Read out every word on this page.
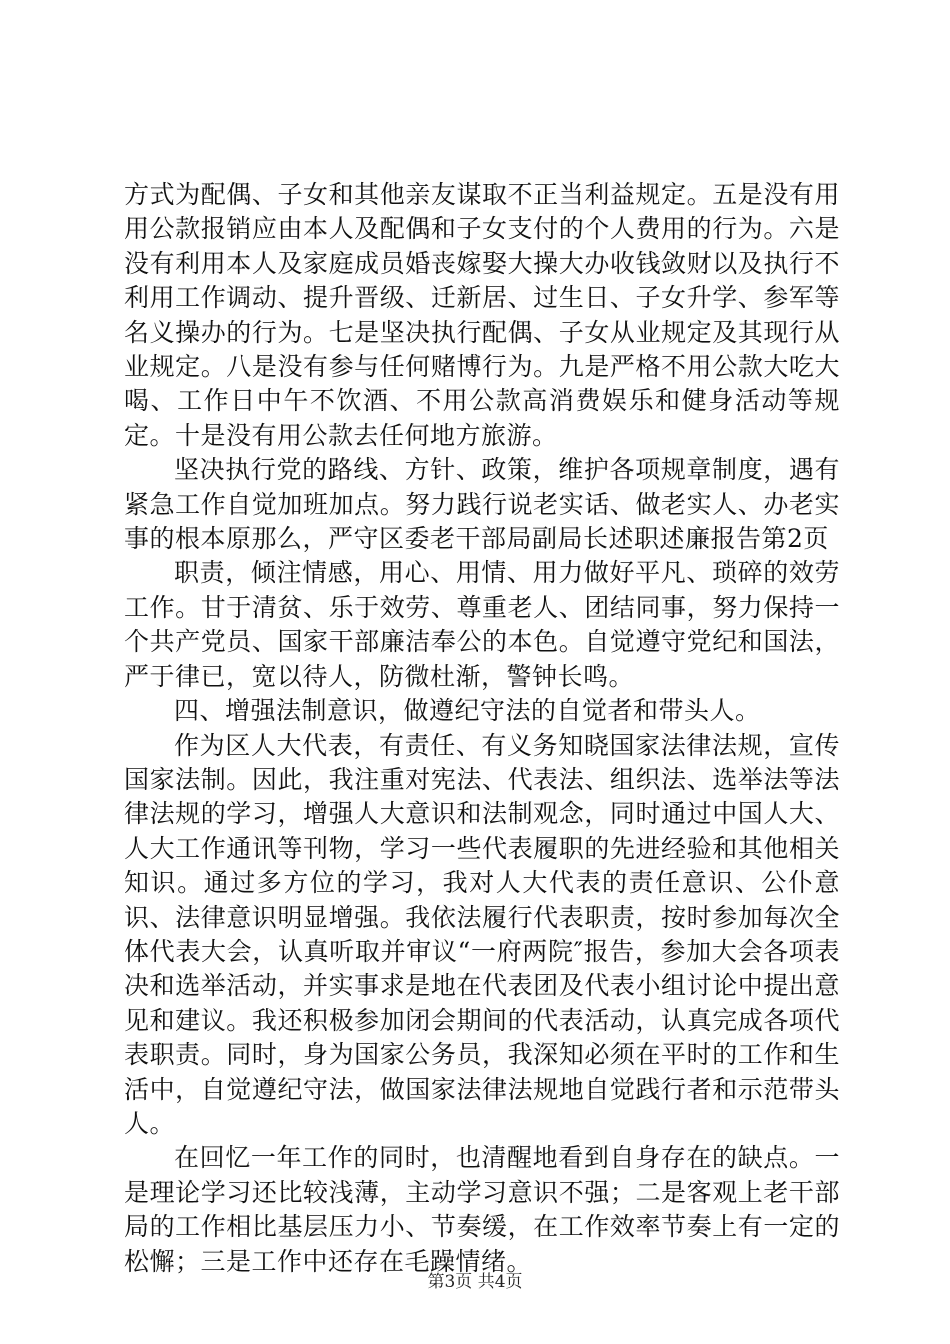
方式为配偶、子女和其他亲友谋取不正当利益规定。五是没有用用公款报销应由本人及配偶和子女支付的个人费用的行为。六是没有利用本人及家庭成员婚丧嫁娶大操大办收钱敛财以及执行不利用工作调动、提升晋级、迁新居、过生日、子女升学、参军等名义操办的行为。七是坚决执行配偶、子女从业规定及其现行从业规定。八是没有参与任何赌博行为。九是严格不用公款大吃大喝、工作日中午不饮酒、不用公款高消费娱乐和健身活动等规定。十是没有用公款去任何地方旅游。

坚决执行党的路线、方针、政策，维护各项规章制度，遇有紧急工作自觉加班加点。努力践行说老实话、做老实人、办老实事的根本原那么，严守区委老干部局副局长述职述廉报告第2页

职责，倾注情感，用心、用情、用力做好平凡、琐碎的效劳工作。甘于清贫、乐于效劳、尊重老人、团结同事，努力保持一个共产党员、国家干部廉洁奉公的本色。自觉遵守党纪和国法，严于律已，宽以待人，防微杜渐，警钟长鸣。

四、增强法制意识，做遵纪守法的自觉者和带头人。

作为区人大代表，有责任、有义务知晓国家法律法规，宣传国家法制。因此，我注重对宪法、代表法、组织法、选举法等法律法规的学习，增强人大意识和法制观念，同时通过中国人大、人大工作通讯等刊物，学习一些代表履职的先进经验和其他相关知识。通过多方位的学习，我对人大代表的责任意识、公仆意识、法律意识明显增强。我依法履行代表职责，按时参加每次全体代表大会，认真听取并审议“一府两院″报告，参加大会各项表决和选举活动，并实事求是地在代表团及代表小组讨论中提出意见和建议。我还积极参加闭会期间的代表活动，认真完成各项代表职责。同时，身为国家公务员，我深知必须在平时的工作和生活中，自觉遵纪守法，做国家法律法规地自觉践行者和示范带头人。

在回忆一年工作的同时，也清醒地看到自身存在的缺点。一是理论学习还比较浅薄，主动学习意识不强；二是客观上老干部局的工作相比基层压力小、节奏缓，在工作效率节奏上有一定的松懈；三是工作中还存在毛躁情绪。

第3页 共4页
